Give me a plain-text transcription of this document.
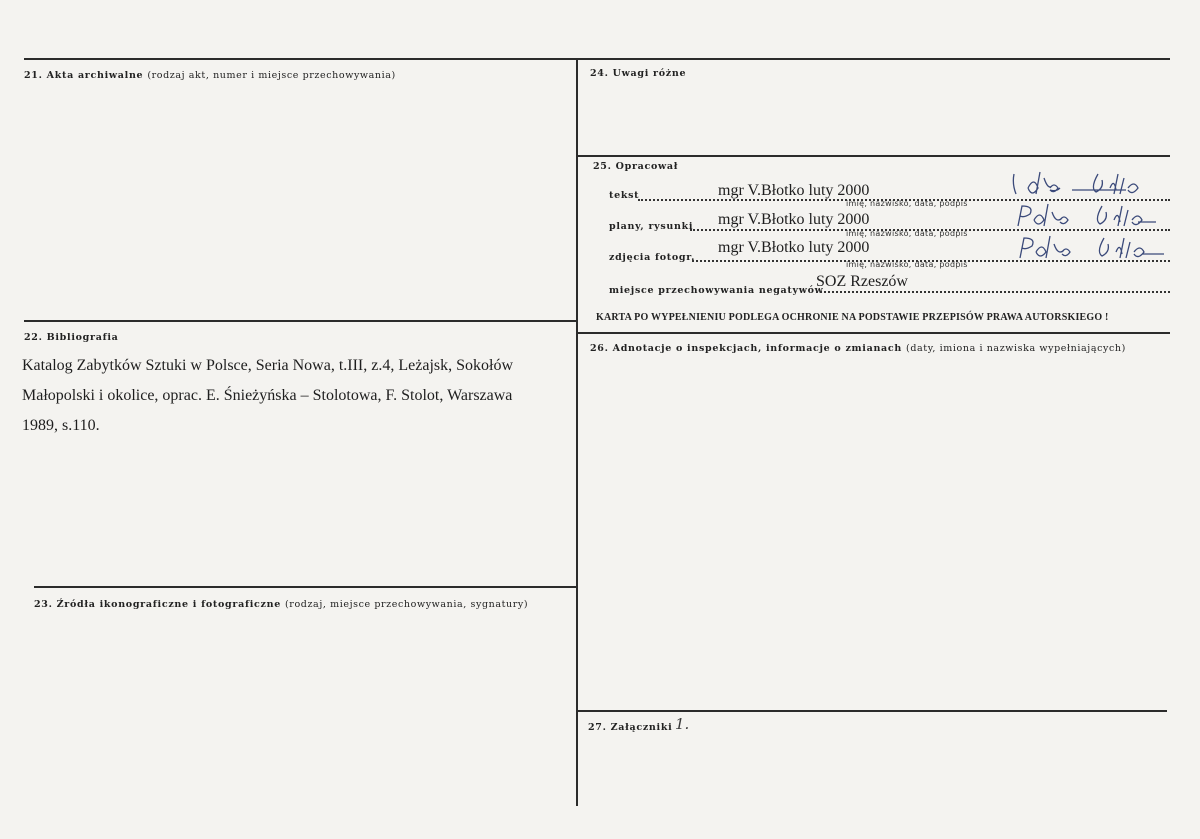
21. Akta archiwalne (rodzaj akt, numer i miejsce przechowywania)
22. Bibliografia
Katalog Zabytków Sztuki w Polsce, Seria Nowa, t.III, z.4, Leżajsk, Sokołów
Małopolski i okolice, oprac. E. Śnieżyńska – Stolotowa, F. Stolot, Warszawa
1989, s.110.
23. Źródła ikonograficzne i fotograficzne (rodzaj, miejsce przechowywania, sygnatury)
24. Uwagi różne
25. Opracował
tekst	mgr V.Błotko luty 2000
imię, nazwisko, data, podpis
plany, rysunki mgr V.Błotko luty 2000
imię, nazwisko, data, podpis
zdjęcia fotogr.
mgr V.Błotko luty 2000
imię, nazwisko, data, podpis
miejsce przechowywania negatywów
SOZ Rzeszów
KARTA PO WYPEŁNIENIU PODLEGA OCHRONIE NA PODSTAWIE PRZEPISÓW PRAWA AUTORSKIEGO !
26. Adnotacje o inspekcjach, informacje o zmianach (daty, imiona i nazwiska wypełniających)
27. Załączniki 1.
